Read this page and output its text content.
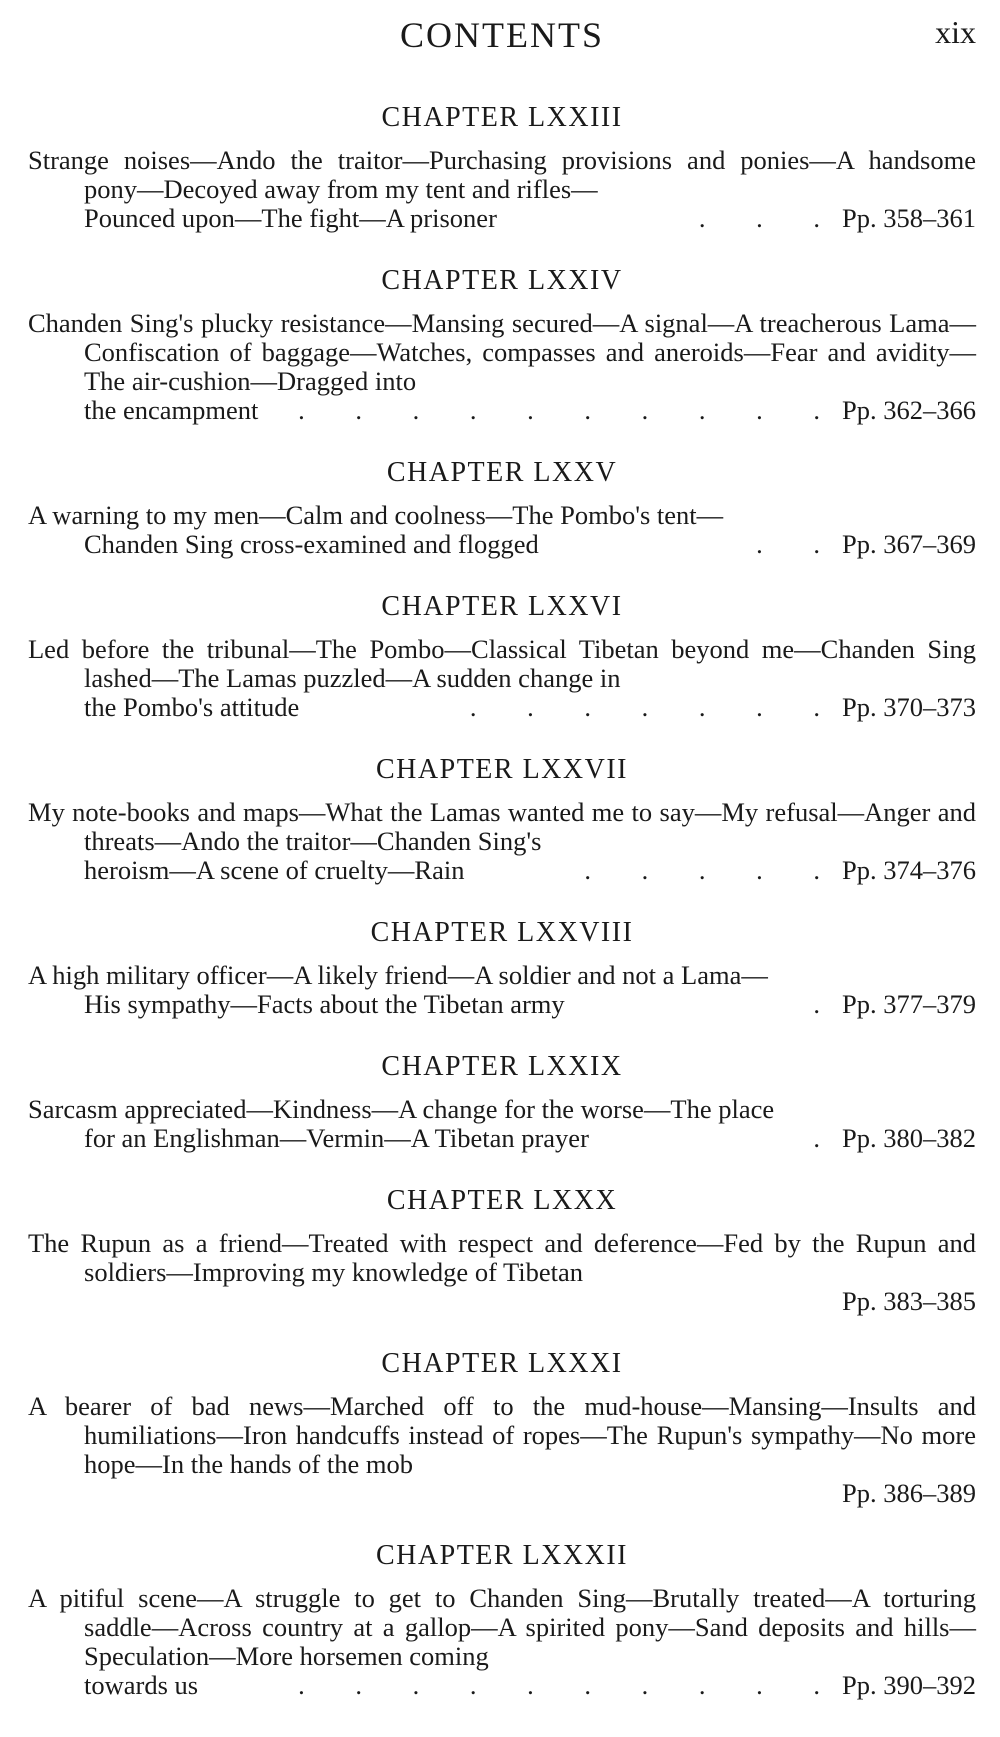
CONTENTS	xix
CHAPTER LXXIII

Strange noises—Ando the traitor—Purchasing provisions and ponies—A handsome pony—Decoyed away from my tent and rifles—
Pounced upon—The fight—A prisoner	. . .Pp. 358–361

CHAPTER LXXIV

Chanden Sing's plucky resistance—Mansing secured—A signal—A treacherous Lama—Confiscation of baggage—Watches, compasses and aneroids—Fear and avidity—The air-cushion—Dragged into
the encampment . . . . . . . . . .Pp. 362–366

CHAPTER LXXV

A warning to my men—Calm and coolness—The Pombo's tent—
Chanden Sing cross-examined and flogged	. .Pp. 367–369

CHAPTER LXXVI

Led before the tribunal—The Pombo—Classical Tibetan beyond me—Chanden Sing lashed—The Lamas puzzled—A sudden change in
the Pombo's attitude	. . . . . . .Pp. 370–373

CHAPTER LXXVII

My note-books and maps—What the Lamas wanted me to say—My refusal—Anger and threats—Ando the traitor—Chanden Sing's
heroism—A scene of cruelty—Rain	. . . . .Pp. 374–376

CHAPTER LXXVIII

A high military officer—A likely friend—A soldier and not a Lama—
His sympathy—Facts about the Tibetan army	.Pp. 377–379

CHAPTER LXXIX

Sarcasm appreciated—Kindness—A change for the worse—The place
for an Englishman—Vermin—A Tibetan prayer	.Pp. 380–382

CHAPTER LXXX

The Rupun as a friend—Treated with respect and deference—Fed by the Rupun and soldiers—Improving my knowledge of Tibetan
Pp. 383–385

CHAPTER LXXXI

A bearer of bad news—Marched off to the mud-house—Mansing—Insults and humiliations—Iron handcuffs instead of ropes—The Rupun's sympathy—No more hope—In the hands of the mob
Pp. 386–389

CHAPTER LXXXII

A pitiful scene—A struggle to get to Chanden Sing—Brutally treated—A torturing saddle—Across country at a gallop—A spirited pony—Sand deposits and hills—Speculation—More horsemen coming
towards us	. . . . . . . . . .Pp. 390–392
